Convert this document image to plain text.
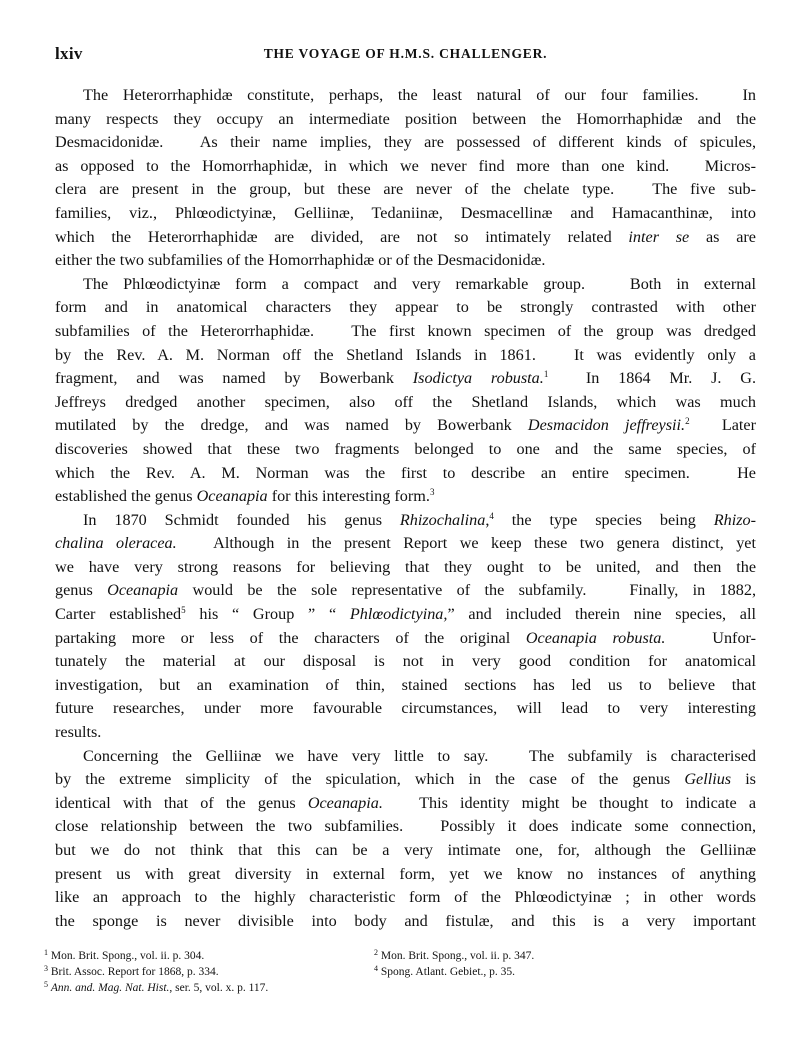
lxiv	THE VOYAGE OF H.M.S. CHALLENGER.
The Heterorrhaphidæ constitute, perhaps, the least natural of our four families.   In
many respects they occupy an intermediate position between the Homorrhaphidæ and the
Desmacidonidæ.   As their name implies, they are possessed of different kinds of spicules,
as opposed to the Homorrhaphidæ, in which we never find more than one kind.   Micros-
clera are present in the group, but these are never of the chelate type.   The five sub-
families, viz., Phlœodictyinæ, Gelliinæ, Tedaniinæ, Desmacellinæ and Hamacanthinæ, into
which the Heterorrhaphidæ are divided, are not so intimately related inter se as are
either the two subfamilies of the Homorrhaphidæ or of the Desmacidonidæ.
The Phlœodictyinæ form a compact and very remarkable group.   Both in external
form and in anatomical characters they appear to be strongly contrasted with other
subfamilies of the Heterorrhaphidæ.   The first known specimen of the group was dredged
by the Rev. A. M. Norman off the Shetland Islands in 1861.   It was evidently only a
fragment, and was named by Bowerbank Isodictya robusta.$^1$  In 1864 Mr. J. G.
Jeffreys dredged another specimen, also off the Shetland Islands, which was much
mutilated by the dredge, and was named by Bowerbank Desmacidon jeffreysii.$^2$  Later
discoveries showed that these two fragments belonged to one and the same species, of
which the Rev. A. M. Norman was the first to describe an entire specimen.   He
established the genus Oceanapia for this interesting form.$^3$
In 1870 Schmidt founded his genus Rhizochalina,$^4$ the type species being Rhizo-
chalina oleracea.   Although in the present Report we keep these two genera distinct, yet
we have very strong reasons for believing that they ought to be united, and then the
genus Oceanapia would be the sole representative of the subfamily.   Finally, in 1882,
Carter established$^5$ his “ Group ” “ Phlœodictyina,” and included therein nine species, all
partaking more or less of the characters of the original Oceanapia robusta.   Unfor-
tunately the material at our disposal is not in very good condition for anatomical
investigation, but an examination of thin, stained sections has led us to believe that
future researches, under more favourable circumstances, will lead to very interesting
results.
Concerning the Gelliinæ we have very little to say.   The subfamily is characterised
by the extreme simplicity of the spiculation, which in the case of the genus Gellius is
identical with that of the genus Oceanapia.   This identity might be thought to indicate a
close relationship between the two subfamilies.   Possibly it does indicate some connection,
but we do not think that this can be a very intimate one, for, although the Gelliinæ
present us with great diversity in external form, yet we know no instances of anything
like an approach to the highly characteristic form of the Phlœodictyinæ ; in other words
the sponge is never divisible into body and fistulæ, and this is a very important
$^1$ Mon. Brit. Spong., vol. ii. p. 304.	$^2$ Mon. Brit. Spong., vol. ii. p. 347.
$^3$ Brit. Assoc. Report for 1868, p. 334.	$^4$ Spong. Atlant. Gebiet., p. 35.
$^5$ Ann. and. Mag. Nat. Hist., ser. 5, vol. x. p. 117.
